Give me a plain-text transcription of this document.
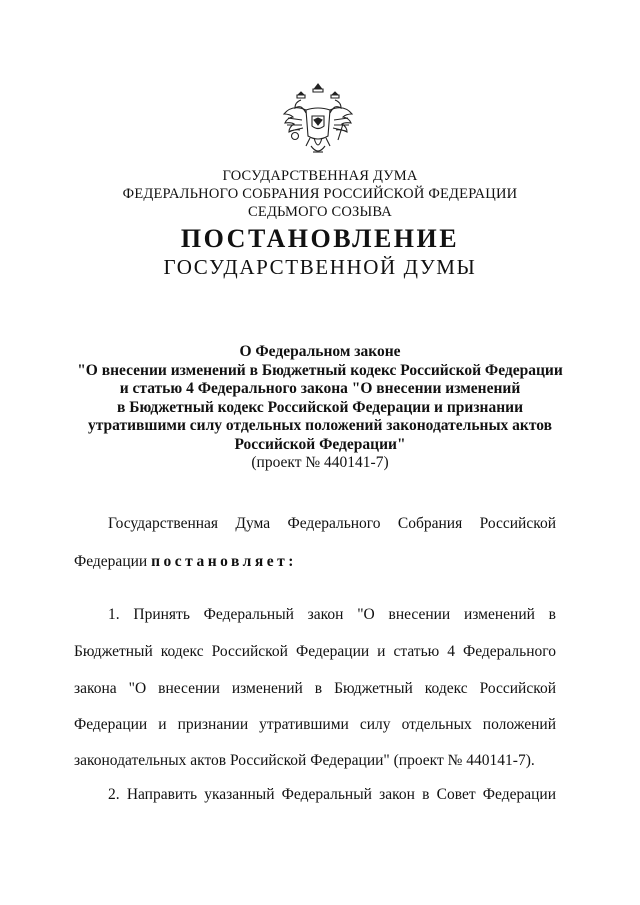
ГОСУДАРСТВЕННАЯ ДУМА
ФЕДЕРАЛЬНОГО СОБРАНИЯ РОССИЙСКОЙ ФЕДЕРАЦИИ
СЕДЬМОГО СОЗЫВА
ПОСТАНОВЛЕНИЕ
ГОСУДАРСТВЕННОЙ ДУМЫ
О Федеральном законе
"О внесении изменений в Бюджетный кодекс Российской Федерации
и статью 4 Федерального закона "О внесении изменений
в Бюджетный кодекс Российской Федерации и признании
утратившими силу отдельных положений законодательных актов
Российской Федерации"
(проект № 440141-7)
Государственная Дума Федерального Собрания Российской
Федерации постановляет:
1. Принять Федеральный закон "О внесении изменений в
Бюджетный кодекс Российской Федерации и статью 4 Федерального
закона "О внесении изменений в Бюджетный кодекс Российской
Федерации и признании утратившими силу отдельных положений
законодательных актов Российской Федерации" (проект № 440141-7).
2. Направить указанный Федеральный закон в Совет Федерации
